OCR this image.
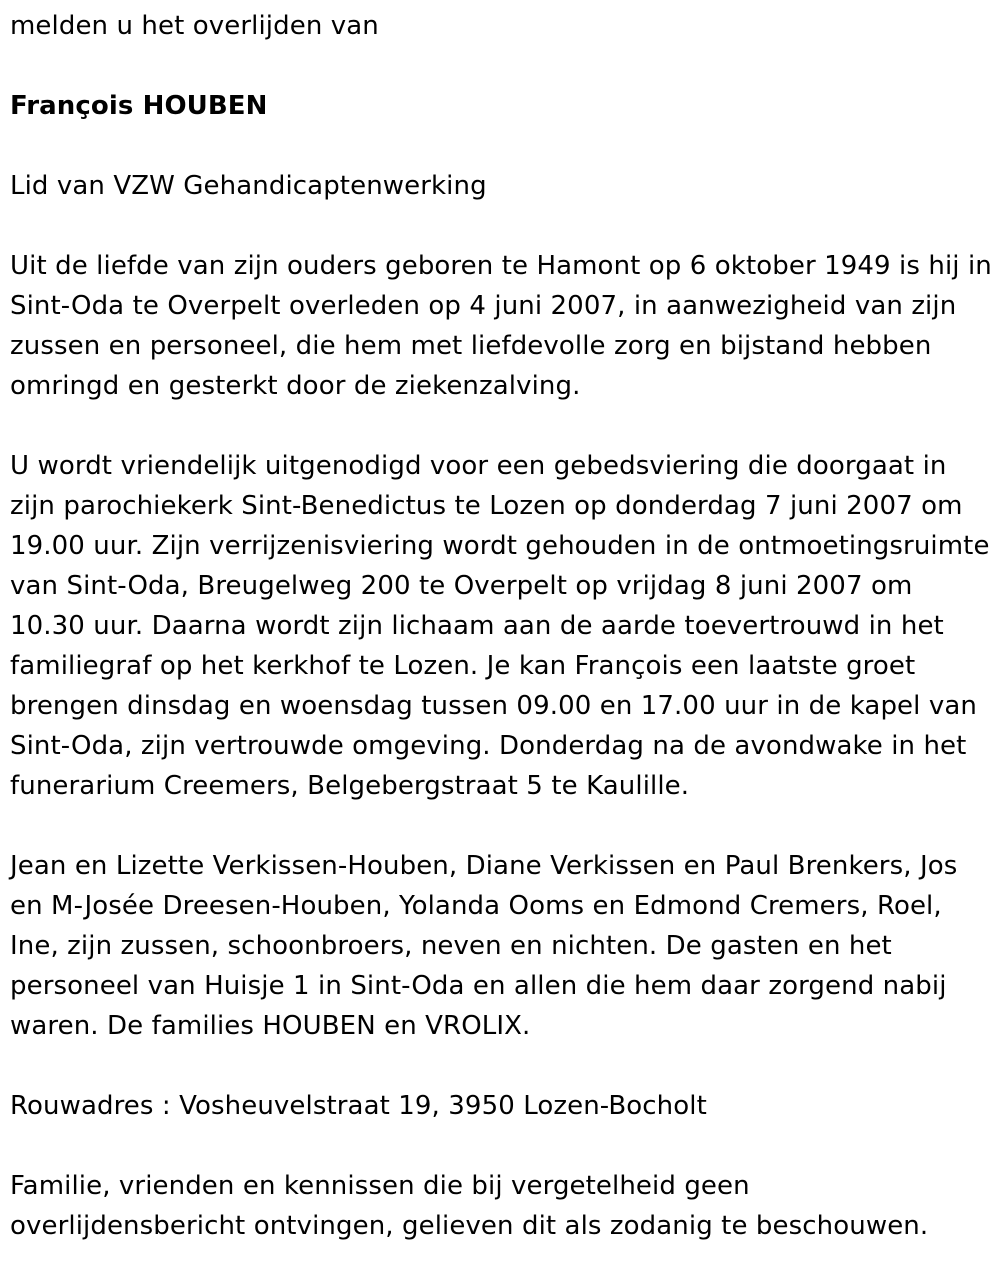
melden u het overlijden van

François HOUBEN

Lid van VZW Gehandicaptenwerking

Uit de liefde van zijn ouders geboren te Hamont op 6 oktober 1949 is hij in Sint-Oda te Overpelt overleden op 4 juni 2007, in aanwezigheid van zijn zussen en personeel, die hem met liefdevolle zorg en bijstand hebben omringd en gesterkt door de ziekenzalving.

U wordt vriendelijk uitgenodigd voor een gebedsviering die doorgaat in zijn parochiekerk Sint-Benedictus te Lozen op donderdag 7 juni 2007 om 19.00 uur. Zijn verrijzenisviering wordt gehouden in de ontmoetingsruimte van Sint-Oda, Breugelweg 200 te Overpelt op vrijdag 8 juni 2007 om 10.30 uur. Daarna wordt zijn lichaam aan de aarde toevertrouwd in het familiegraf op het kerkhof te Lozen. Je kan François een laatste groet brengen dinsdag en woensdag tussen 09.00 en 17.00 uur in de kapel van Sint-Oda, zijn vertrouwde omgeving. Donderdag na de avondwake in het funerarium Creemers, Belgebergstraat 5 te Kaulille.

Jean en Lizette Verkissen-Houben, Diane Verkissen en Paul Brenkers, Jos en M-Josée Dreesen-Houben, Yolanda Ooms en Edmond Cremers, Roel, Ine, zijn zussen, schoonbroers, neven en nichten. De gasten en het personeel van Huisje 1 in Sint-Oda en allen die hem daar zorgend nabij waren. De families HOUBEN en VROLIX.

Rouwadres : Vosheuvelstraat 19, 3950 Lozen-Bocholt

Familie, vrienden en kennissen die bij vergetelheid geen overlijdensbericht ontvingen, gelieven dit als zodanig te beschouwen.
